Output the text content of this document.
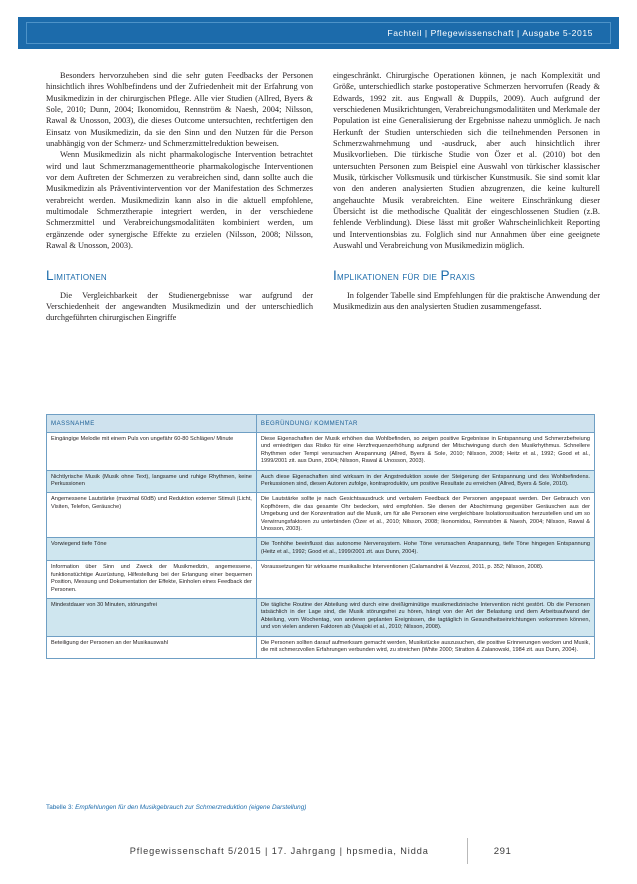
Fachteil | Pflegewissenschaft | Ausgabe 5-2015

Besonders hervorzuheben sind die sehr guten Feedbacks der Personen hinsichtlich ihres Wohlbefindens und der Zufriedenheit mit der Erfahrung von Musikmedizin in der chirurgischen Pflege. Alle vier Studien (Allred, Byers & Sole, 2010; Dunn, 2004; Ikonomidou, Rennström & Naesh, 2004; Nilsson, Rawal & Unosson, 2003), die dieses Outcome untersuchten, rechtfertigen den Einsatz von Musikmedizin, da sie den Sinn und den Nutzen für die Person unabhängig von der Schmerz- und Schmerzmittelreduktion beweisen.

Wenn Musikmedizin als nicht pharmakologische Intervention betrachtet wird und laut Schmerzmanagementtheorie pharmakologische Interventionen vor dem Auftreten der Schmerzen zu verabreichen sind, dann sollte auch die Musikmedizin als Präventivintervention vor der Manifestation des Schmerzes verabreicht werden. Musikmedizin kann also in die aktuell empfohlene, multimodale Schmerztherapie integriert werden, in der verschiedene Schmerzmittel und Verabreichungsmodalitäten kombiniert werden, um ergänzende oder synergische Effekte zu erzielen (Nilsson, 2008; Nilsson, Rawal & Unosson, 2003).

Limitationen

Die Vergleichbarkeit der Studienergebnisse war aufgrund der Verschiedenheit der angewandten Musikmedizin und der unterschiedlich durchgeführten chirurgischen Eingriffe

eingeschränkt. Chirurgische Operationen können, je nach Komplexität und Größe, unterschiedlich starke postoperative Schmerzen hervorrufen (Ready & Edwards, 1992 zit. aus Engwall & Duppils, 2009). Auch aufgrund der verschiedenen Musikrichtungen, Verabreichungsmodalitäten und Merkmale der Population ist eine Generalisierung der Ergebnisse nahezu unmöglich. Je nach Herkunft der Studien unterschieden sich die teilnehmenden Personen in Schmerzwahrnehmung und -ausdruck, aber auch hinsichtlich ihrer Musikvorlieben. Die türkische Studie von Özer et al. (2010) bot den untersuchten Personen zum Beispiel eine Auswahl von türkischer klassischer Musik, türkischer Volksmusik und türkischer Kunstmusik. Sie sind somit klar von den anderen analysierten Studien abzugrenzen, die keine kulturell angehauchte Musik verabreichten. Eine weitere Einschränkung dieser Übersicht ist die methodische Qualität der eingeschlossenen Studien (z.B. fehlende Verblindung). Diese lässt mit großer Wahrscheinlichkeit Reporting und Interventionsbias zu. Folglich sind nur Annahmen über eine geeignete Auswahl und Verabreichung von Musikmedizin möglich.

Implikationen für die Praxis

In folgender Tabelle sind Empfehlungen für die praktische Anwendung der Musikmedizin aus den analysierten Studien zusammengefasst.

MASSNAHME	BEGRÜNDUNG/ KOMMENTAR
Eingängige Melodie mit einem Puls von ungefähr 60-80 Schlägen/ Minute	Diese Eigenschaften der Musik erhöhen das Wohlbefinden, so zeigen positive Ergebnisse in Entspannung und Schmerzbefreiung und erniedrigen das Risiko für eine Herzfrequenzerhöhung aufgrund der Mitschwingung durch den Musikrhythmus. Schnellere Rhythmen oder Tempi verursachen Anspannung (Allred, Byers & Sole, 2010; Nilsson, 2008; Heitz et al., 1992; Good et al., 1999/2001 zit. aus Dunn, 2004; Nilsson, Rawal & Unosson, 2003).
Nichtlyrische Musik (Musik ohne Text), langsame und ruhige Rhythmen, keine Perkussionen	Auch diese Eigenschaften sind wirksam in der Angstreduktion sowie der Steigerung der Entspannung und des Wohlbefindens. Perkussionen sind, diesen Autoren zufolge, kontraproduktiv, um positive Resultate zu erreichen (Allred, Byers & Sole, 2010).
Angemessene Lautstärke (maximal 60dB) und Reduktion externer Stimuli (Licht, Visiten, Telefon, Geräusche)	Die Lautstärke sollte je nach Gesichtsausdruck und verbalem Feedback der Personen angepasst werden. Der Gebrauch von Kopfhörern, die das gesamte Ohr bedecken, wird empfohlen. Sie dienen der Abschirmung gegenüber Geräuschen aus der Umgebung und der Konzentration auf die Musik, um für alle Personen eine vergleichbare Isolationssituation herzustellen und um so Verwirrungsfaktoren zu unterbinden (Özer et al., 2010; Nilsson, 2008; Ikonomidou, Rennström & Naesh, 2004; Nilsson, Rawal & Unosson, 2003).
Vorwiegend tiefe Töne	Die Tonhöhe beeinflusst das autonome Nervensystem. Hohe Töne verursachen Anspannung, tiefe Töne hingegen Entspannung (Heitz et al., 1992; Good et al., 1999/2001 zit. aus Dunn, 2004).
Information über Sinn und Zweck der Musikmedizin, angemessene, funktionstüchtige Ausrüstung, Hilfestellung bei der Erlangung einer bequemen Position, Messung und Dokumentation der Effekte, Einholen eines Feedback der Personen.	Voraussetzungen für wirksame musikalische Interventionen (Calamandrei & Vezzosi, 2011, p. 352; Nilsson, 2008).
Mindestdauer von 30 Minuten, störungsfrei	Die tägliche Routine der Abteilung wird durch eine dreißigminütige musikmedizinische Intervention nicht gestört. Ob die Personen tatsächlich in der Lage sind, die Musik störungsfrei zu hören, hängt von der Art der Belastung und dem Arbeitsaufwand der Abteilung, vom Wochentag, von anderen geplanten Ereignissen, die tagtäglich in Gesundheitseinrichtungen vorkommen können, und von vielen anderen Faktoren ab (Vaajoki et al., 2010; Nilsson, 2008).
Beteiligung der Personen an der Musikauswahl	Die Personen sollten darauf aufmerksam gemacht werden, Musikstücke auszusuchen, die positive Erinnerungen wecken und Musik, die mit schmerzvollen Erfahrungen verbunden wird, zu streichen (White 2000; Stratton & Zalanowski, 1984 zit. aus Dunn, 2004).
Tabelle 3: Empfehlungen für den Musikgebrauch zur Schmerzreduktion (eigene Darstellung)
Pflegewissenschaft 5/2015 | 17. Jahrgang | hpsmedia, Nidda	291
